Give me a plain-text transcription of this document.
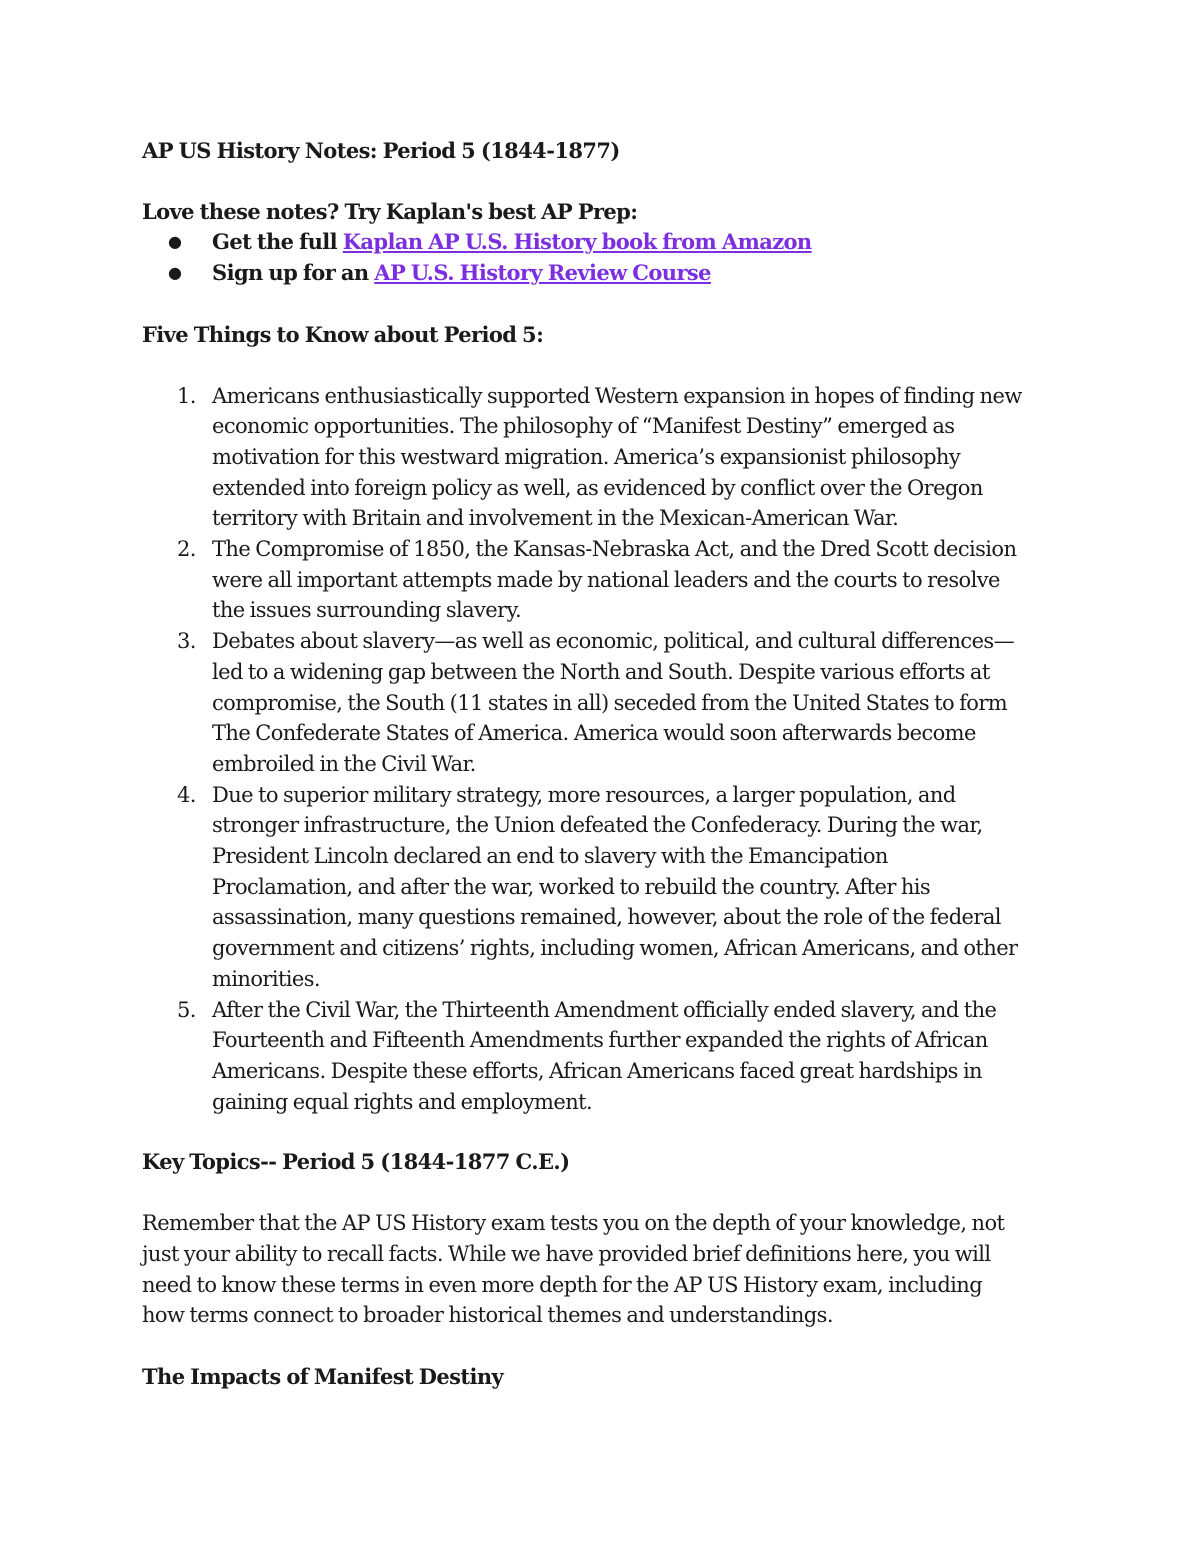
AP US History Notes: Period 5 (1844-1877)
Love these notes? Try Kaplan's best AP Prep:
● Get the full Kaplan AP U.S. History book from Amazon
● Sign up for an AP U.S. History Review Course
Five Things to Know about Period 5:
1. Americans enthusiastically supported Western expansion in hopes of finding new
economic opportunities. The philosophy of “Manifest Destiny” emerged as
motivation for this westward migration. America’s expansionist philosophy
extended into foreign policy as well, as evidenced by conflict over the Oregon
territory with Britain and involvement in the Mexican-American War.
2. The Compromise of 1850, the Kansas-Nebraska Act, and the Dred Scott decision
were all important attempts made by national leaders and the courts to resolve
the issues surrounding slavery.
3. Debates about slavery—as well as economic, political, and cultural differences—
led to a widening gap between the North and South. Despite various efforts at
compromise, the South (11 states in all) seceded from the United States to form
The Confederate States of America. America would soon afterwards become
embroiled in the Civil War.
4. Due to superior military strategy, more resources, a larger population, and
stronger infrastructure, the Union defeated the Confederacy. During the war,
President Lincoln declared an end to slavery with the Emancipation
Proclamation, and after the war, worked to rebuild the country. After his
assassination, many questions remained, however, about the role of the federal
government and citizens’ rights, including women, African Americans, and other
minorities.
5. After the Civil War, the Thirteenth Amendment officially ended slavery, and the
Fourteenth and Fifteenth Amendments further expanded the rights of African
Americans. Despite these efforts, African Americans faced great hardships in
gaining equal rights and employment.
Key Topics-- Period 5 (1844-1877 C.E.)
Remember that the AP US History exam tests you on the depth of your knowledge, not
just your ability to recall facts. While we have provided brief definitions here, you will
need to know these terms in even more depth for the AP US History exam, including
how terms connect to broader historical themes and understandings.
The Impacts of Manifest Destiny
